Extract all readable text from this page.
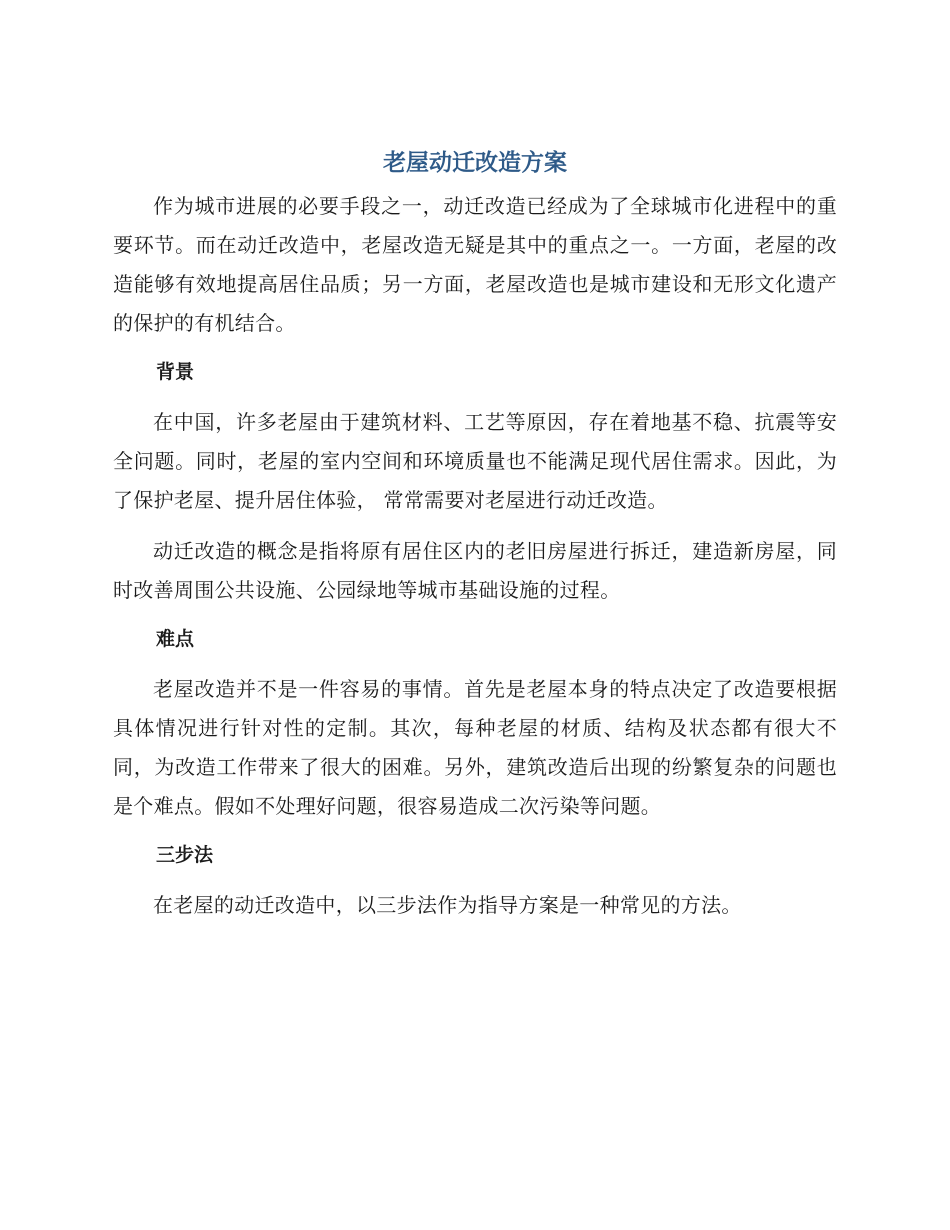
老屋动迁改造方案

作为城市进展的必要手段之一，动迁改造已经成为了全球城市化进程中的重要环节。而在动迁改造中，老屋改造无疑是其中的重点之一。一方面，老屋的改造能够有效地提高居住品质；另一方面，老屋改造也是城市建设和无形文化遗产的保护的有机结合。

背景

在中国，许多老屋由于建筑材料、工艺等原因，存在着地基不稳、抗震等安全问题。同时，老屋的室内空间和环境质量也不能满足现代居住需求。因此，为了保护老屋、提升居住体验， 常常需要对老屋进行动迁改造。

动迁改造的概念是指将原有居住区内的老旧房屋进行拆迁，建造新房屋，同时改善周围公共设施、公园绿地等城市基础设施的过程。

难点

老屋改造并不是一件容易的事情。首先是老屋本身的特点决定了改造要根据具体情况进行针对性的定制。其次，每种老屋的材质、结构及状态都有很大不同，为改造工作带来了很大的困难。另外，建筑改造后出现的纷繁复杂的问题也是个难点。假如不处理好问题，很容易造成二次污染等问题。

三步法

在老屋的动迁改造中，以三步法作为指导方案是一种常见的方法。
